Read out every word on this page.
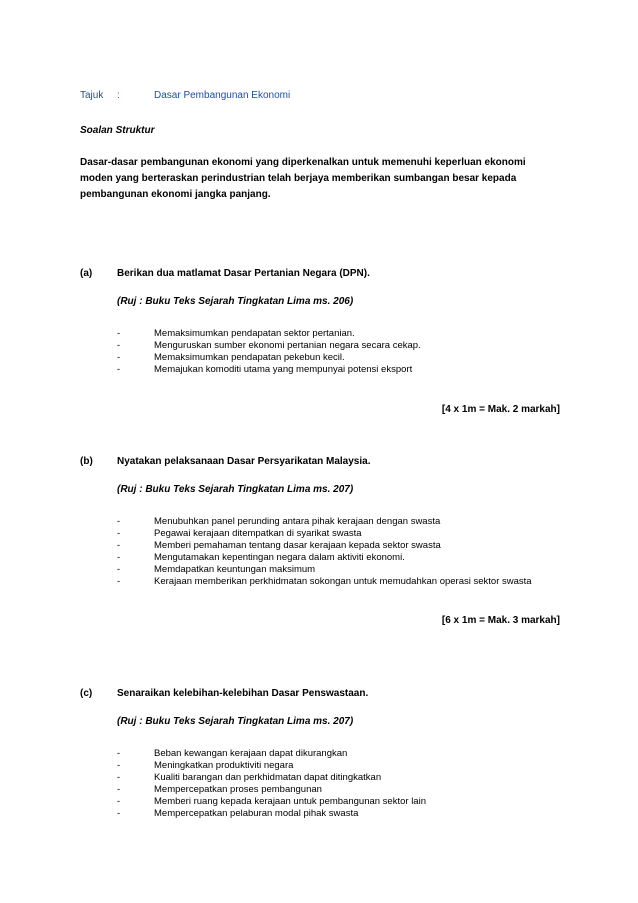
Tajuk :	Dasar Pembangunan Ekonomi
Soalan Struktur
Dasar-dasar pembangunan ekonomi yang diperkenalkan untuk memenuhi keperluan ekonomi moden yang berteraskan perindustrian telah berjaya memberikan sumbangan besar kepada pembangunan ekonomi jangka panjang.
(a) Berikan dua matlamat Dasar Pertanian Negara (DPN).
(Ruj : Buku Teks Sejarah Tingkatan Lima ms. 206)
-	Memaksimumkan pendapatan sektor pertanian.
-	Menguruskan sumber ekonomi pertanian negara secara cekap.
-	Memaksimumkan pendapatan pekebun kecil.
-	Memajukan komoditi utama yang mempunyai potensi eksport
[4 x 1m = Mak. 2 markah]
(b) Nyatakan pelaksanaan Dasar Persyarikatan Malaysia.
(Ruj : Buku Teks Sejarah Tingkatan Lima ms. 207)
-	Menubuhkan panel perunding antara pihak kerajaan dengan swasta
-	Pegawai kerajaan ditempatkan di syarikat swasta
-	Memberi pemahaman tentang dasar kerajaan kepada sektor swasta
-	Mengutamakan kepentingan negara dalam aktiviti ekonomi.
-	Memdapatkan keuntungan maksimum
-	Kerajaan memberikan perkhidmatan sokongan untuk memudahkan operasi sektor swasta
[6 x 1m = Mak. 3 markah]
(c) Senaraikan kelebihan-kelebihan Dasar Penswastaan.
(Ruj : Buku Teks Sejarah Tingkatan Lima ms. 207)
-	Beban kewangan kerajaan dapat dikurangkan
-	Meningkatkan produktiviti negara
-	Kualiti barangan dan perkhidmatan dapat ditingkatkan
-	Mempercepatkan proses pembangunan
-	Memberi ruang kepada kerajaan untuk pembangunan sektor lain
-	Mempercepatkan pelaburan modal pihak swasta
